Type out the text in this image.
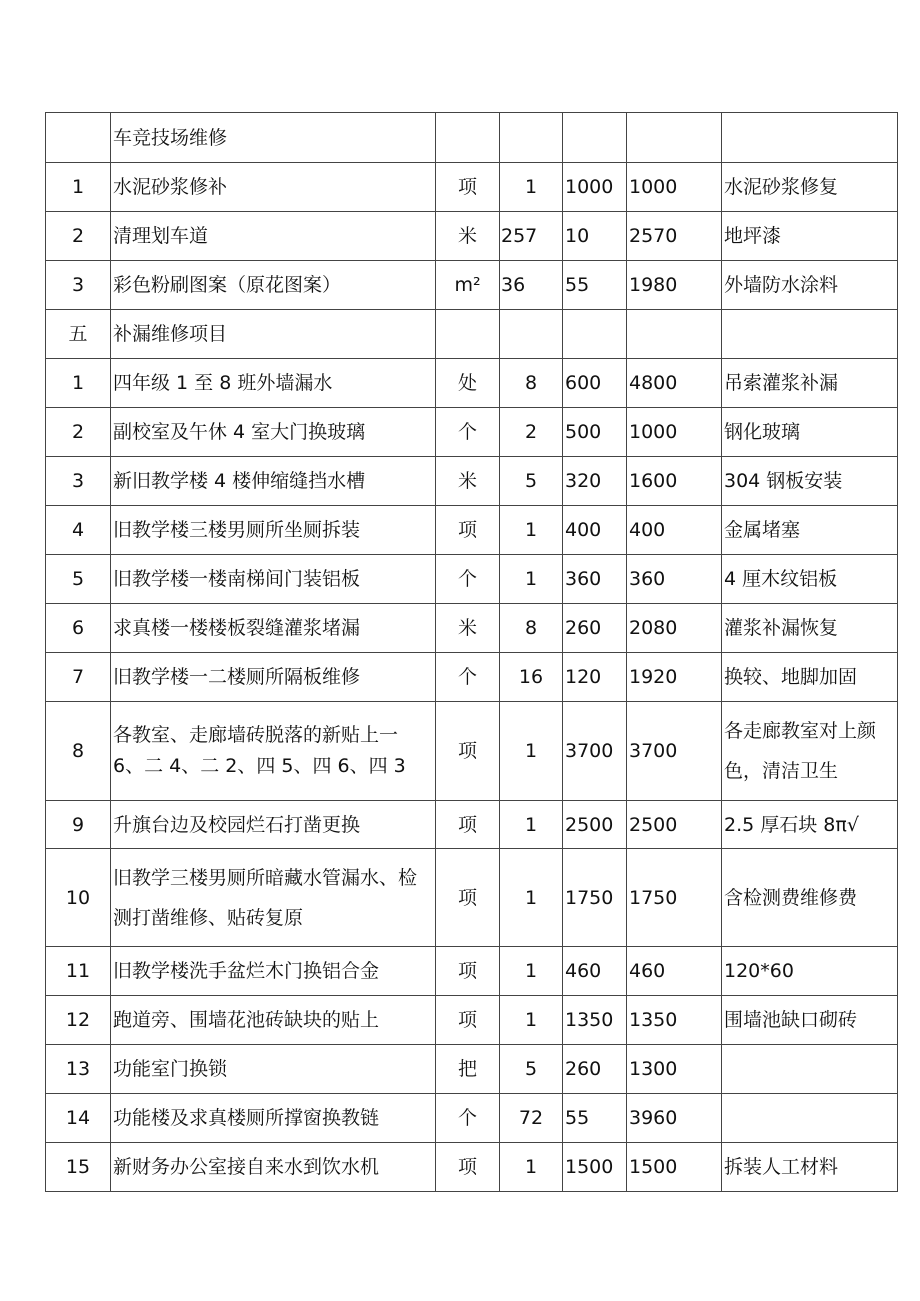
	车竞技场维修					
1	水泥砂浆修补	项	1	1000	1000	水泥砂浆修复
2	清理划车道	米	257	10	2570	地坪漆
3	彩色粉刷图案（原花图案）	m²	36	55	1980	外墙防水涂料
五	补漏维修项目					
1	四年级 1 至 8 班外墙漏水	处	8	600	4800	吊索灌浆补漏
2	副校室及午休 4 室大门换玻璃	个	2	500	1000	钢化玻璃
3	新旧教学楼 4 楼伸缩缝挡水槽	米	5	320	1600	304 钢板安装
4	旧教学楼三楼男厕所坐厕拆装	项	1	400	400	金属堵塞
5	旧教学楼一楼南梯间门装铝板	个	1	360	360	4 厘木纹铝板
6	求真楼一楼楼板裂缝灌浆堵漏	米	8	260	2080	灌浆补漏恢复
7	旧教学楼一二楼厕所隔板维修	个	16	120	1920	换较、地脚加固
8	各教室、走廊墙砖脱落的新贴上一 6、二 4、二 2、四 5、四 6、四 3	项	1	3700	3700	各走廊教室对上颜色，清洁卫生

9	升旗台边及校园烂石打凿更换	项	1	2500	2500	2.5 厚石块 8π√
10	旧教学三楼男厕所暗藏水管漏水、检测打凿维修、贴砖复原	项	1	1750	1750	含检测费维修费
11	旧教学楼洗手盆烂木门换铝合金	项	1	460	460	120*60
12	跑道旁、围墙花池砖缺块的贴上	项	1	1350	1350	围墙池缺口砌砖
13	功能室门换锁	把	5	260	1300	
14	功能楼及求真楼厕所撑窗换教链	个	72	55	3960	
15	新财务办公室接自来水到饮水机	项	1	1500	1500	拆装人工材料
